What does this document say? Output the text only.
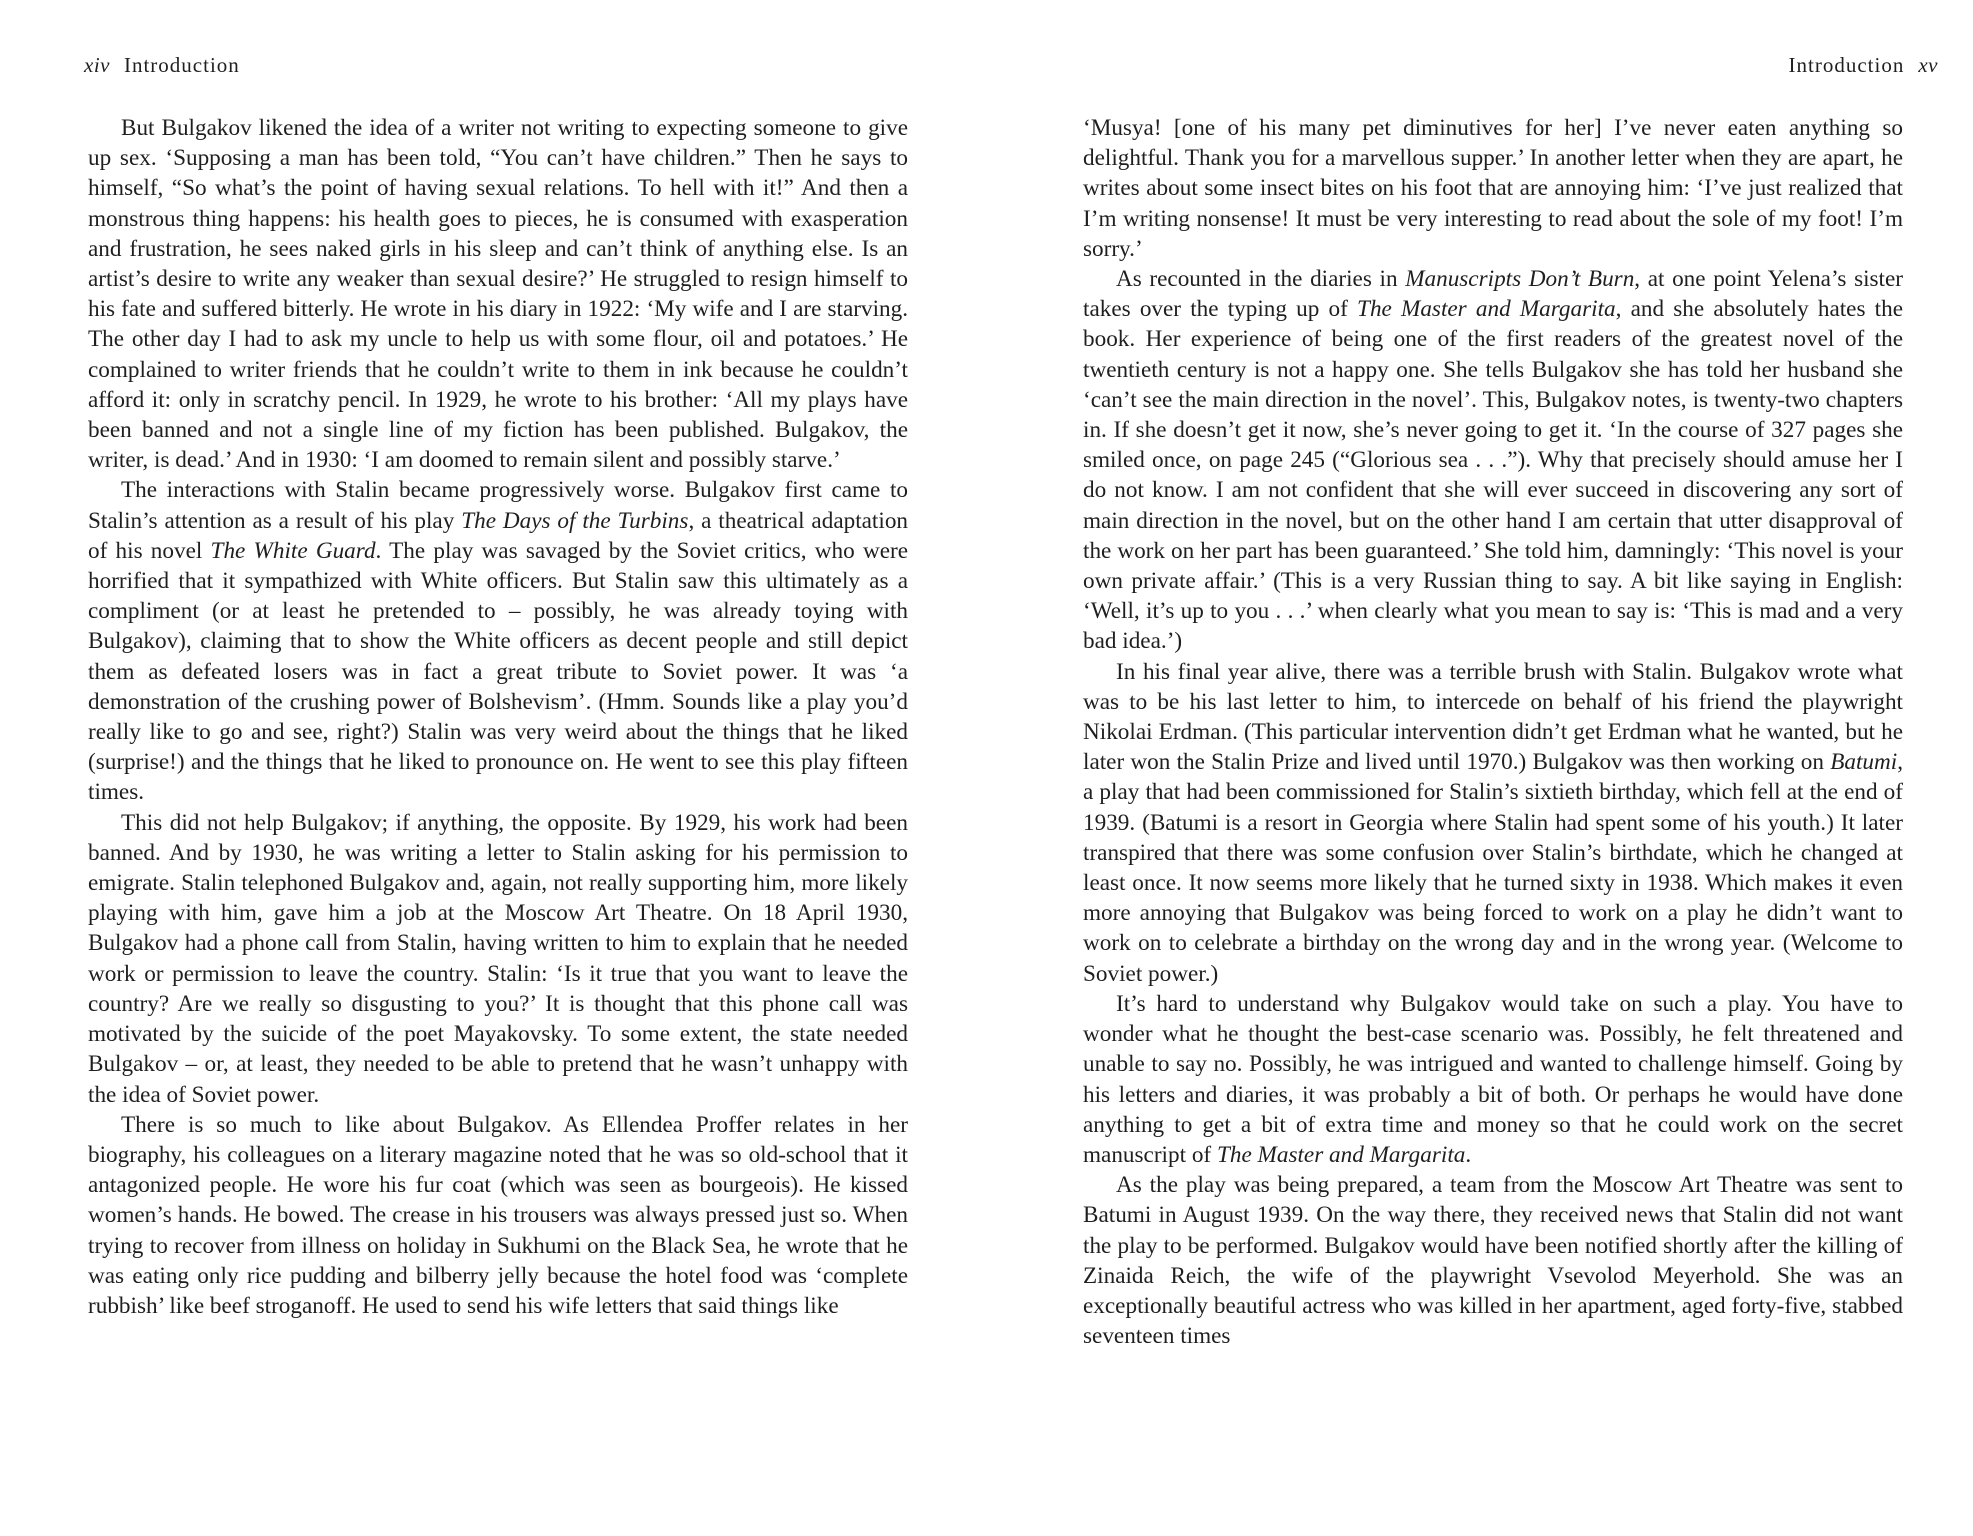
xiv Introduction

But Bulgakov likened the idea of a writer not writing to expecting someone to give up sex. ‘Supposing a man has been told, “You can’t have children.” Then he says to himself, “So what’s the point of having sexual relations. To hell with it!” And then a monstrous thing happens: his health goes to pieces, he is consumed with exasperation and frustration, he sees naked girls in his sleep and can’t think of anything else. Is an artist’s desire to write any weaker than sexual desire?’ He struggled to resign himself to his fate and suffered bitterly. He wrote in his diary in 1922: ‘My wife and I are starving. The other day I had to ask my uncle to help us with some flour, oil and potatoes.’ He complained to writer friends that he couldn’t write to them in ink because he couldn’t afford it: only in scratchy pencil. In 1929, he wrote to his brother: ‘All my plays have been banned and not a single line of my fiction has been published. Bulgakov, the writer, is dead.’ And in 1930: ‘I am doomed to remain silent and possibly starve.’

The interactions with Stalin became progressively worse. Bulgakov first came to Stalin’s attention as a result of his play The Days of the Turbins, a theatrical adaptation of his novel The White Guard. The play was savaged by the Soviet critics, who were horrified that it sympathized with White officers. But Stalin saw this ultimately as a compliment (or at least he pretended to – possibly, he was already toying with Bulgakov), claiming that to show the White officers as decent people and still depict them as defeated losers was in fact a great tribute to Soviet power. It was ‘a demonstration of the crushing power of Bolshevism’. (Hmm. Sounds like a play you’d really like to go and see, right?) Stalin was very weird about the things that he liked (surprise!) and the things that he liked to pronounce on. He went to see this play fifteen times.

This did not help Bulgakov; if anything, the opposite. By 1929, his work had been banned. And by 1930, he was writing a letter to Stalin asking for his permission to emigrate. Stalin telephoned Bulgakov and, again, not really supporting him, more likely playing with him, gave him a job at the Moscow Art Theatre. On 18 April 1930, Bulgakov had a phone call from Stalin, having written to him to explain that he needed work or permission to leave the country. Stalin: ‘Is it true that you want to leave the country? Are we really so disgusting to you?’ It is thought that this phone call was motivated by the suicide of the poet Mayakovsky. To some extent, the state needed Bulgakov – or, at least, they needed to be able to pretend that he wasn’t unhappy with the idea of Soviet power.

There is so much to like about Bulgakov. As Ellendea Proffer relates in her biography, his colleagues on a literary magazine noted that he was so old-school that it antagonized people. He wore his fur coat (which was seen as bourgeois). He kissed women’s hands. He bowed. The crease in his trousers was always pressed just so. When trying to recover from illness on holiday in Sukhumi on the Black Sea, he wrote that he was eating only rice pudding and bilberry jelly because the hotel food was ‘complete rubbish’ like beef stroganoff. He used to send his wife letters that said things like

Introduction xv

‘Musya! [one of his many pet diminutives for her] I’ve never eaten anything so delightful. Thank you for a marvellous supper.’ In another letter when they are apart, he writes about some insect bites on his foot that are annoying him: ‘I’ve just realized that I’m writing nonsense! It must be very interesting to read about the sole of my foot! I’m sorry.’

As recounted in the diaries in Manuscripts Don’t Burn, at one point Yelena’s sister takes over the typing up of The Master and Margarita, and she absolutely hates the book. Her experience of being one of the first readers of the greatest novel of the twentieth century is not a happy one. She tells Bulgakov she has told her husband she ‘can’t see the main direction in the novel’. This, Bulgakov notes, is twenty-two chapters in. If she doesn’t get it now, she’s never going to get it. ‘In the course of 327 pages she smiled once, on page 245 (“Glorious sea . . .”). Why that precisely should amuse her I do not know. I am not confident that she will ever succeed in discovering any sort of main direction in the novel, but on the other hand I am certain that utter disapproval of the work on her part has been guaranteed.’ She told him, damningly: ‘This novel is your own private affair.’ (This is a very Russian thing to say. A bit like saying in English: ‘Well, it’s up to you . . .’ when clearly what you mean to say is: ‘This is mad and a very bad idea.’)

In his final year alive, there was a terrible brush with Stalin. Bulgakov wrote what was to be his last letter to him, to intercede on behalf of his friend the playwright Nikolai Erdman. (This particular intervention didn’t get Erdman what he wanted, but he later won the Stalin Prize and lived until 1970.) Bulgakov was then working on Batumi, a play that had been commissioned for Stalin’s sixtieth birthday, which fell at the end of 1939. (Batumi is a resort in Georgia where Stalin had spent some of his youth.) It later transpired that there was some confusion over Stalin’s birthdate, which he changed at least once. It now seems more likely that he turned sixty in 1938. Which makes it even more annoying that Bulgakov was being forced to work on a play he didn’t want to work on to celebrate a birthday on the wrong day and in the wrong year. (Welcome to Soviet power.)

It’s hard to understand why Bulgakov would take on such a play. You have to wonder what he thought the best-case scenario was. Possibly, he felt threatened and unable to say no. Possibly, he was intrigued and wanted to challenge himself. Going by his letters and diaries, it was probably a bit of both. Or perhaps he would have done anything to get a bit of extra time and money so that he could work on the secret manuscript of The Master and Margarita.

As the play was being prepared, a team from the Moscow Art Theatre was sent to Batumi in August 1939. On the way there, they received news that Stalin did not want the play to be performed. Bulgakov would have been notified shortly after the killing of Zinaida Reich, the wife of the playwright Vsevolod Meyerhold. She was an exceptionally beautiful actress who was killed in her apartment, aged forty-five, stabbed seventeen times
